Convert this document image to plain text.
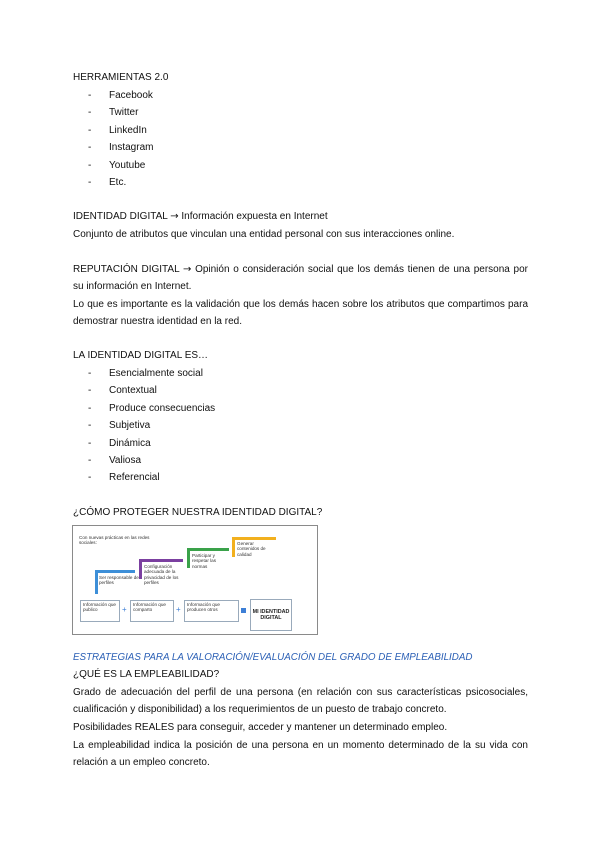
HERRAMIENTAS 2.0

- Facebook
- Twitter
- LinkedIn
- Instagram
- Youtube
- Etc.

IDENTIDAD DIGITAL → Información expuesta en Internet

Conjunto de atributos que vinculan una entidad personal con sus interacciones online.

REPUTACIÓN DIGITAL → Opinión o consideración social que los demás tienen de una persona por su información en Internet.

Lo que es importante es la validación que los demás hacen sobre los atributos que compartimos para demostrar nuestra identidad en la red.

LA IDENTIDAD DIGITAL ES…

- Esencialmente social
- Contextual
- Produce consecuencias
- Subjetiva
- Dinámica
- Valiosa
- Referencial

¿CÓMO PROTEGER NUESTRA IDENTIDAD DIGITAL?

Con nuevas prácticas en las redes sociales:
Ser responsable de perfiles
Configuración adecuada de la privacidad de los perfiles
Participar y respetar las normas
Generar contenidos de calidad
Información que publico	+
Información que comparto	+
Información que producen otros	MI IDENTIDAD DIGITAL

ESTRATEGIAS PARA LA VALORACIÓN/EVALUACIÓN DEL GRADO DE EMPLEABILIDAD

¿QUÉ ES LA EMPLEABILIDAD?

Grado de adecuación del perfil de una persona (en relación con sus características psicosociales, cualificación y disponibilidad) a los requerimientos de un puesto de trabajo concreto.

Posibilidades REALES para conseguir, acceder y mantener un determinado empleo.

La empleabilidad indica la posición de una persona en un momento determinado de la su vida con relación a un empleo concreto.
